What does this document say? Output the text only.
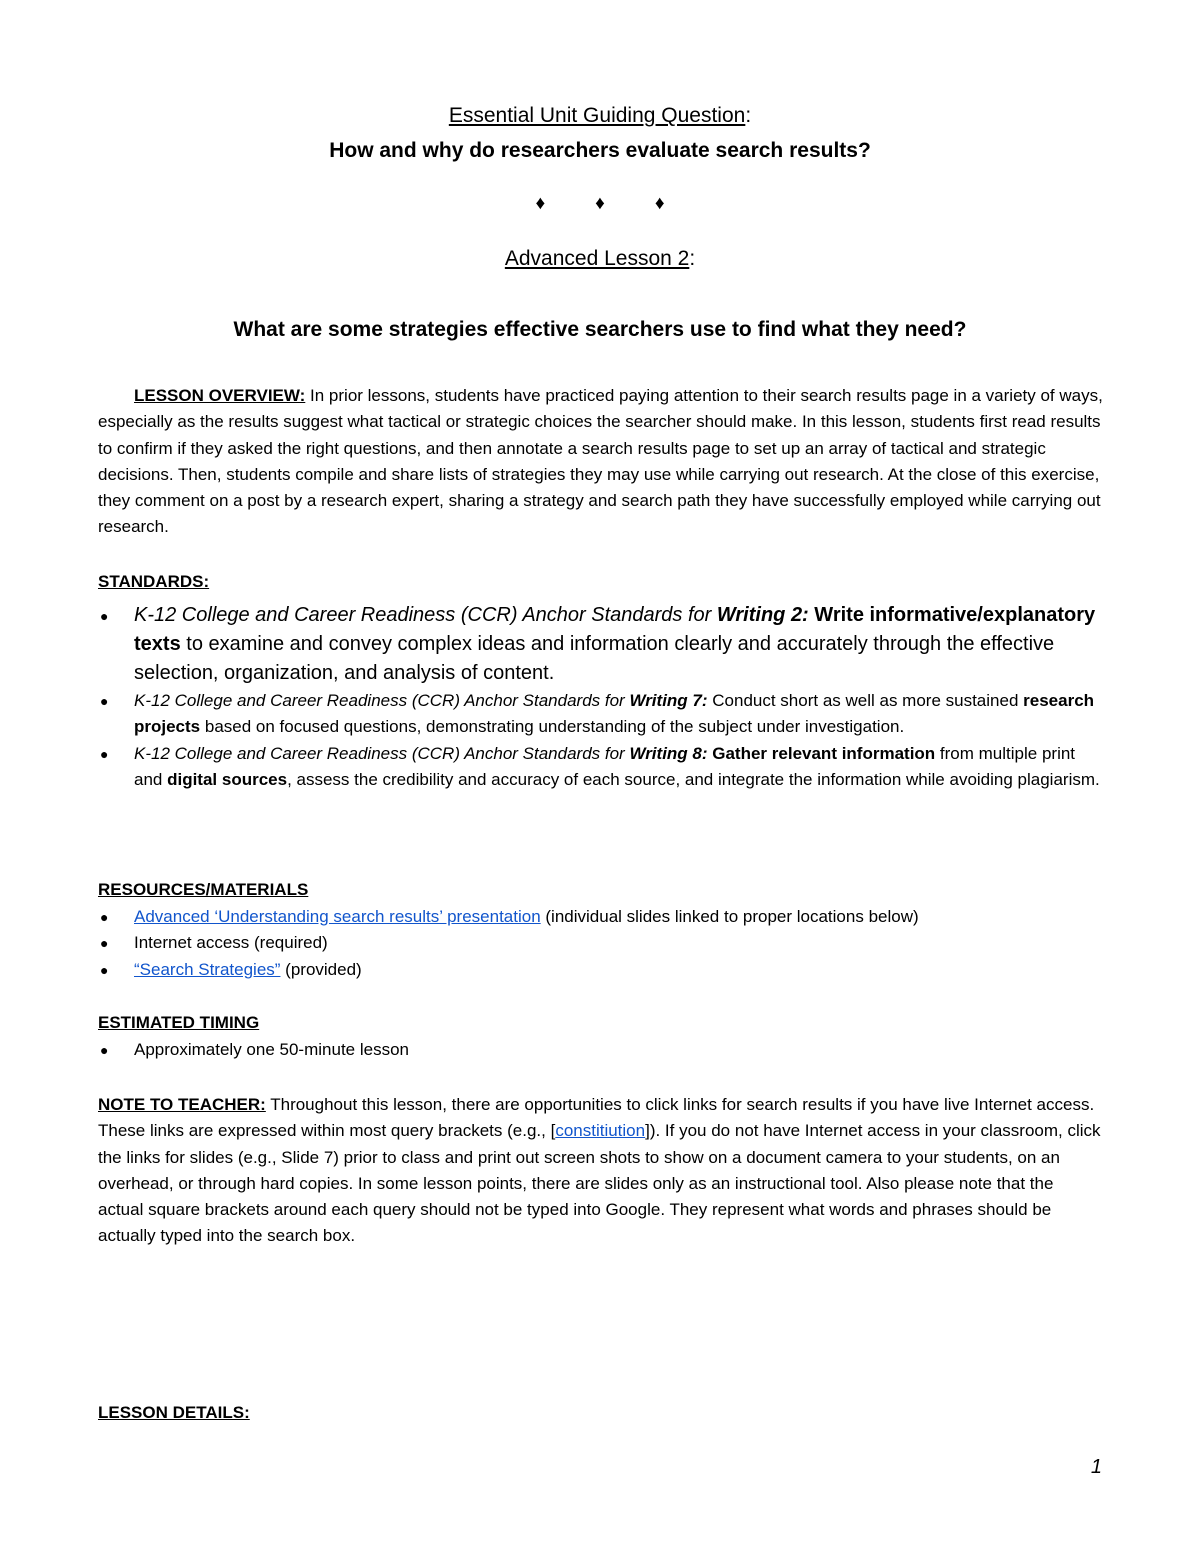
Essential Unit Guiding Question:
How and why do researchers evaluate search results?
♦	♦	♦
Advanced Lesson 2:
What are some strategies effective searchers use to find what they need?
LESSON OVERVIEW: In prior lessons, students have practiced paying attention to their search results page in a variety of ways, especially as the results suggest what tactical or strategic choices the searcher should make. In this lesson, students first read results to confirm if they asked the right questions, and then annotate a search results page to set up an array of tactical and strategic decisions. Then, students compile and share lists of strategies they may use while carrying out research. At the close of this exercise, they comment on a post by a research expert, sharing a strategy and search path they have successfully employed while carrying out research.
STANDARDS:
● K-12 College and Career Readiness (CCR) Anchor Standards for Writing 2: Write informative/explanatory texts to examine and convey complex ideas and information clearly and accurately through the effective selection, organization, and analysis of content.
● K-12 College and Career Readiness (CCR) Anchor Standards for Writing 7: Conduct short as well as more sustained research projects based on focused questions, demonstrating understanding of the subject under investigation.
● K-12 College and Career Readiness (CCR) Anchor Standards for Writing 8: Gather relevant information from multiple print and digital sources, assess the credibility and accuracy of each source, and integrate the information while avoiding plagiarism.
RESOURCES/MATERIALS
● Advanced ‘Understanding search results’ presentation (individual slides linked to proper locations below)
● Internet access (required)
● “Search Strategies” (provided)
ESTIMATED TIMING
● Approximately one 50-minute lesson
NOTE TO TEACHER: Throughout this lesson, there are opportunities to click links for search results if you have live Internet access. These links are expressed within most query brackets (e.g., [constitiution]). If you do not have Internet access in your classroom, click the links for slides (e.g., Slide 7) prior to class and print out screen shots to show on a document camera to your students, on an overhead, or through hard copies. In some lesson points, there are slides only as an instructional tool. Also please note that the actual square brackets around each query should not be typed into Google. They represent what words and phrases should be actually typed into the search box.
LESSON DETAILS:
1
